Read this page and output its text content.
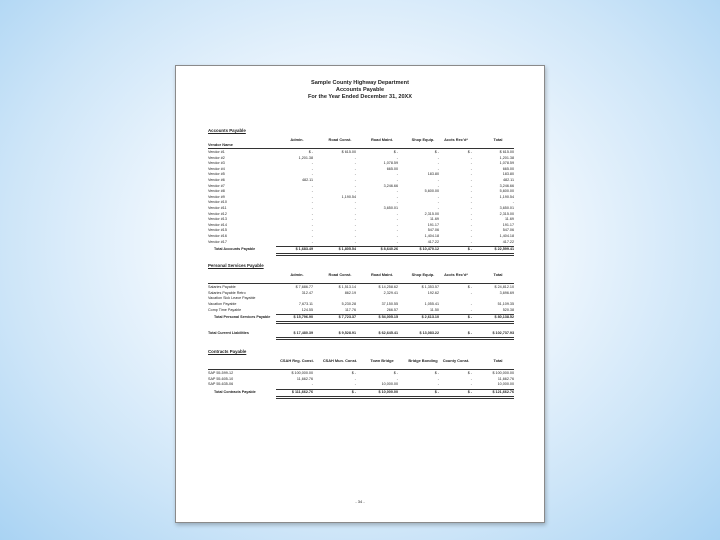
Sample County Highway Department
Accounts Payable
For the Year Ended December 31, 20XX
Accounts Payable
Vendor Name
Admin.	Road Const.	Road Maint.	Shop Equip.	Accts Rec’d*	Total
Vendor #1	$ -	$ 615.00	$ -	$ -	$ -	$ 615.00
Vendor #2	1,201.38	-	-	-	-	1,201.38
Vendor #3	-	-	1,078.59	-	-	1,078.59
Vendor #4	-	-	665.00	-	-	665.00
Vendor #5	-	-	-	183.80	-	183.80
Vendor #6	482.11	-	-	-	-	482.11
Vendor #7	-	-	3,246.66	-	-	3,246.66
Vendor #8	-	-	-	5,600.00	-	5,600.00
Vendor #9	-	1,190.54	-	-	-	1,190.54
Vendor #10	-	-	-	-	-	-
Vendor #11	-	-	3,650.01	-	-	3,650.01
Vendor #12	-	-	-	2,315.00	-	2,315.00
Vendor #13	-	-	-	11.69	-	11.69
Vendor #14	-	-	-	191.17	-	191.17
Vendor #15	-	-	-	547.06	-	547.06
Vendor #16	-	-	-	1,404.18	-	1,404.18
Vendor #17	-	-	-	417.22	-	417.22
Total Accounts Payable	$ 1,683.49	$ 1,805.54	$ 8,640.26	$ 10,470.12	$ -	$ 22,599.41
Personal Services Payable
Admin.	Road Const.	Road Maint.	Shop Equip.	Accts Rec’d*	Total
Salaries Payable	$ 7,686.77	$ 1,513.14	$ 14,258.62	$ 1,353.57	$ -	$ 24,812.10
Salaries Payable Retro	312.47	862.19	2,329.41	192.62	-	3,696.69
Vacation Sick Leave Payable
Vacation Payable	7,673.11	5,230.28	37,150.55	1,055.41	-	51,109.35
Comp Time Payable	124.55	117.76	266.57	11.50	-	520.38
Total Personal Services Payable	$ 15,796.90	$ 7,723.37	$ 54,005.15	$ 2,613.10	$ -	$ 80,138.52
Total Current Liabilities	$ 17,480.39	$ 9,528.91	$ 62,645.41	$ 13,083.22	$ -	$ 102,737.93
Contracts Payable
CSAH Reg. Const.	CSAH Mun. Const.	Town Bridge	Bridge Bonding	County Const.	Total
SAP 55-599-12	$ 100,000.00	$ -	$ -	$ -	$ -	$ 100,000.00
SAP 55-605-10	11,662.76	-	-	-	-	11,662.76
SAP 55-635-06	-	-	10,000.00	-	-	10,000.00
Total Contracts Payable	$ 111,662.76	$ -	$ 10,000.00	$ -	$ -	$ 121,662.76
- 34 -
